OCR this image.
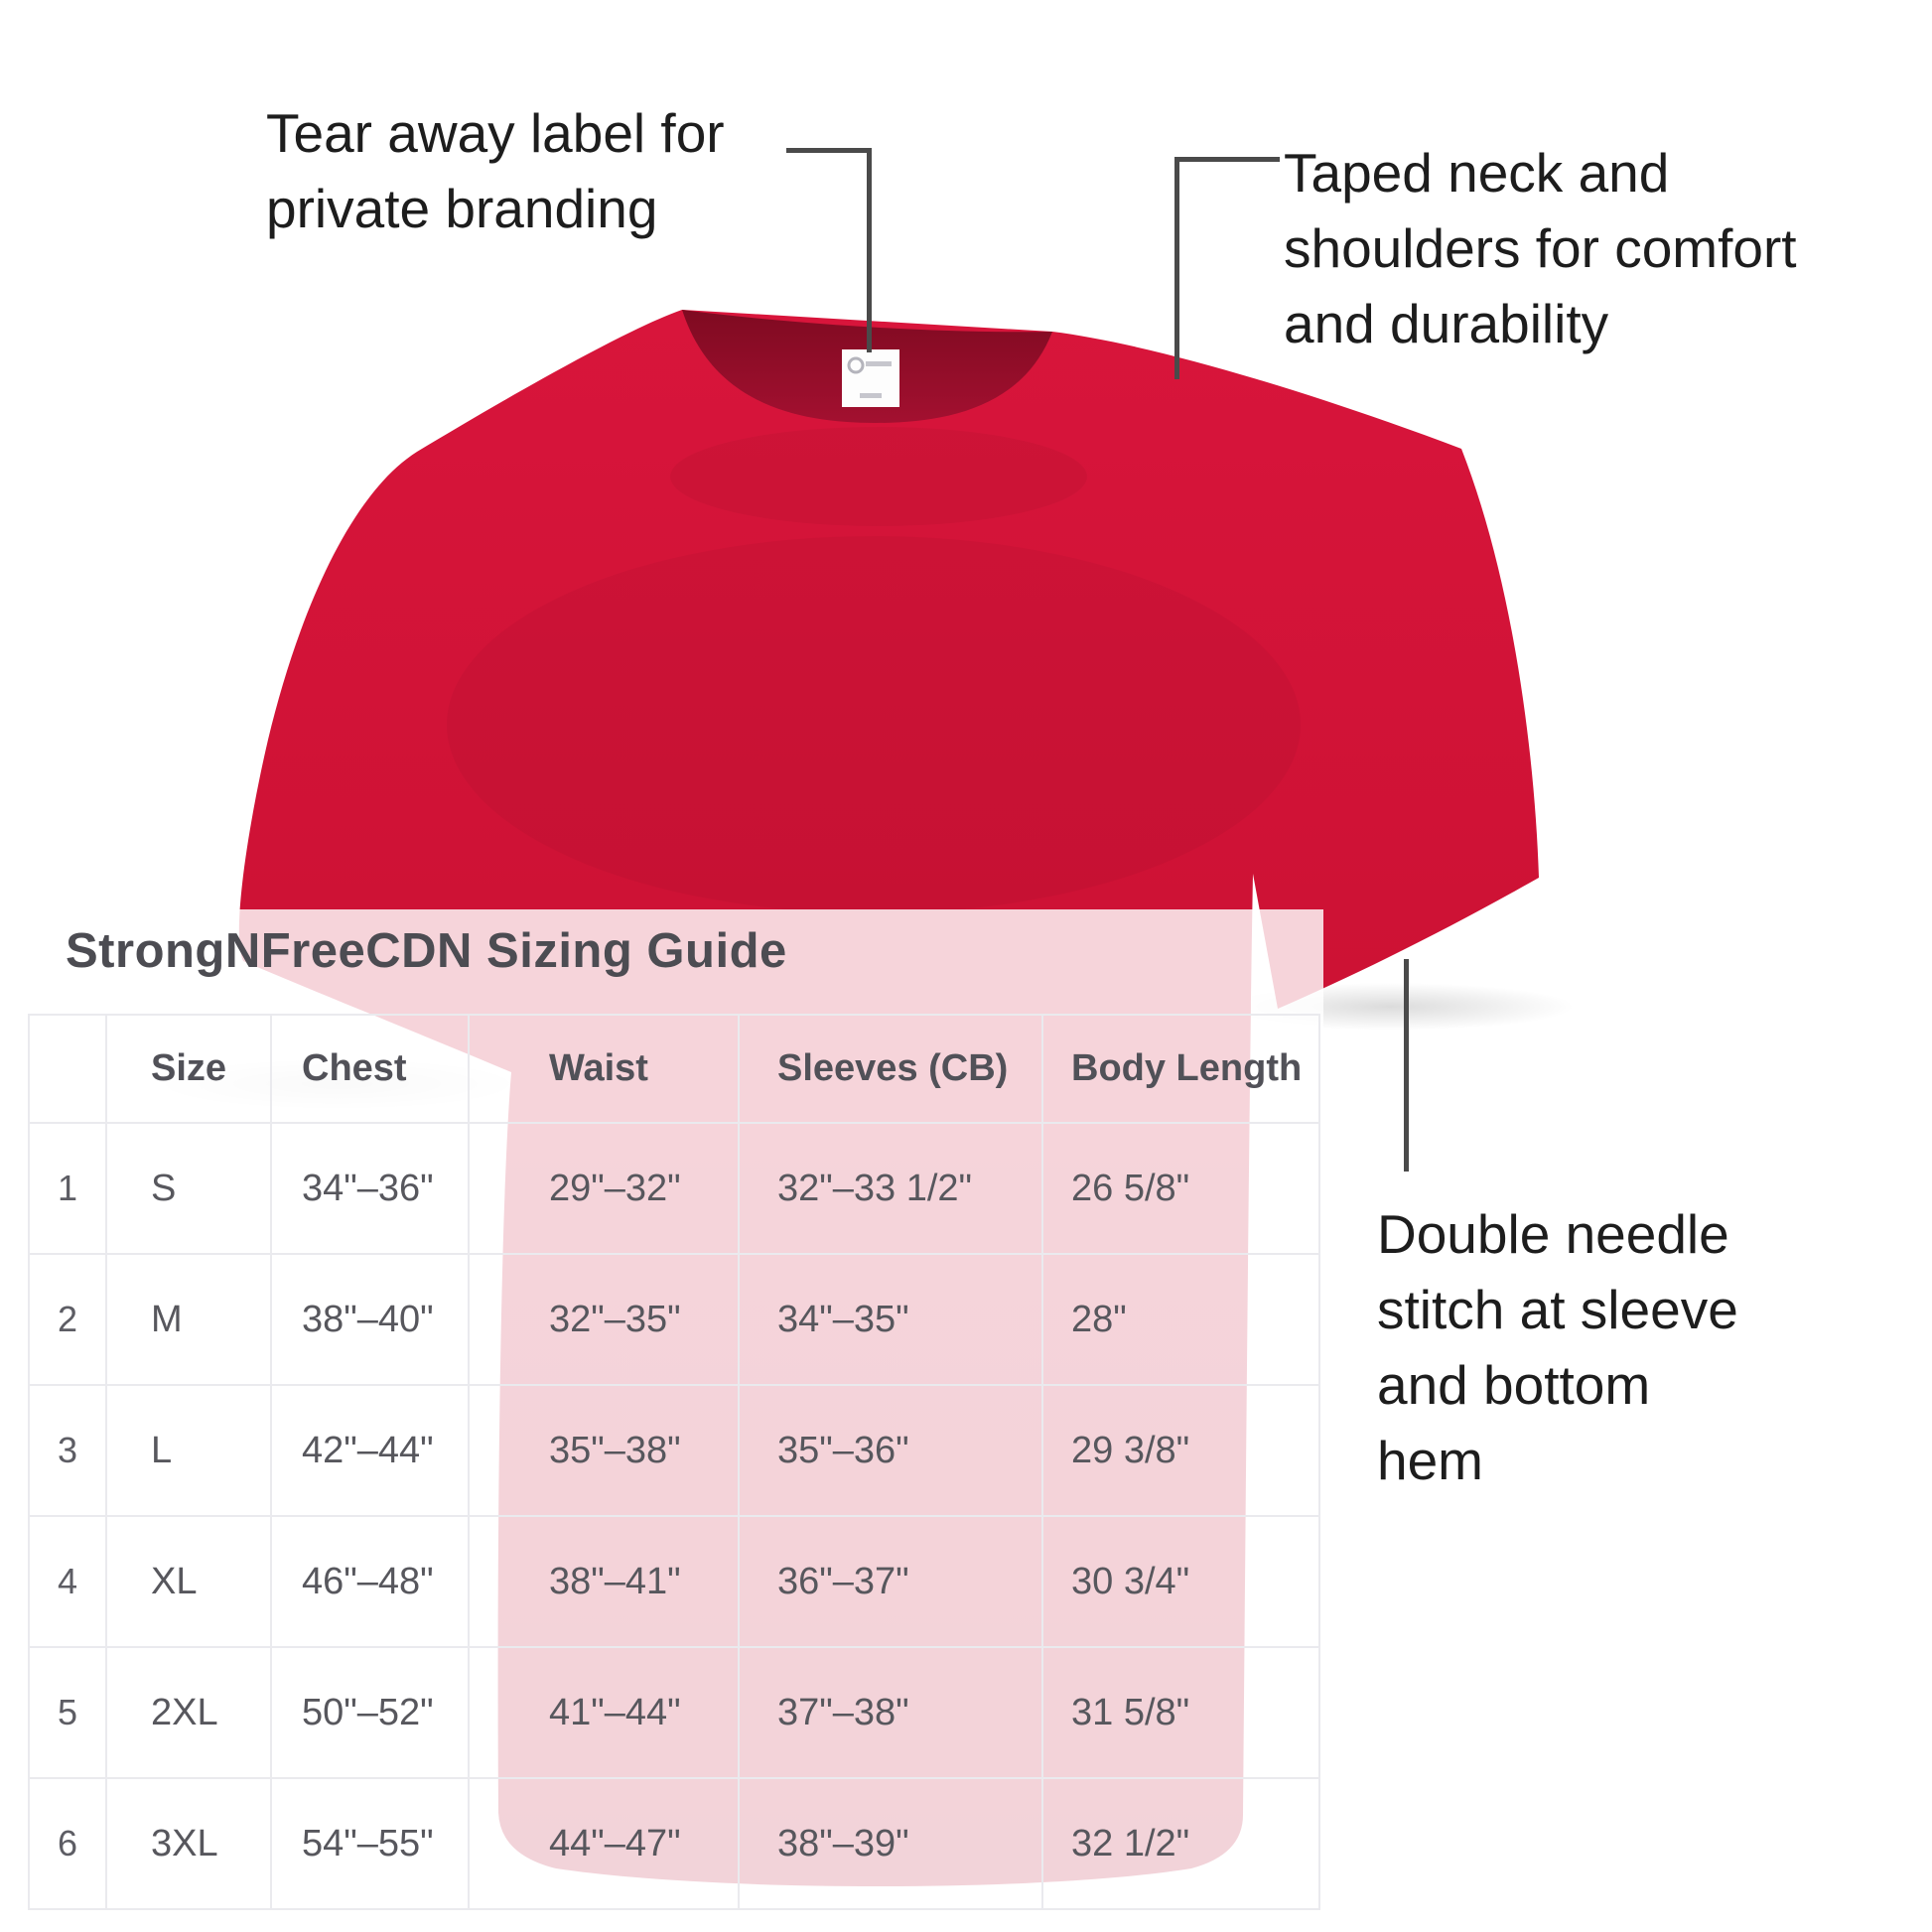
StrongNFreeCDN Sizing Guide
	Size	Chest	Waist	Sleeves (CB)	Body Length
1	S	34"–36"	29"–32"	32"–33 1/2"	26 5/8"
2	M	38"–40"	32"–35"	34"–35"	28"
3	L	42"–44"	35"–38"	35"–36"	29 3/8"
4	XL	46"–48"	38"–41"	36"–37"	30 3/4"
5	2XL	50"–52"	41"–44"	37"–38"	31 5/8"
6	3XL	54"–55"	44"–47"	38"–39"	32 1/2"
Tear away label for
private branding
Taped neck and
shoulders for comfort
and durability
Double needle
stitch at sleeve
and bottom
hem
